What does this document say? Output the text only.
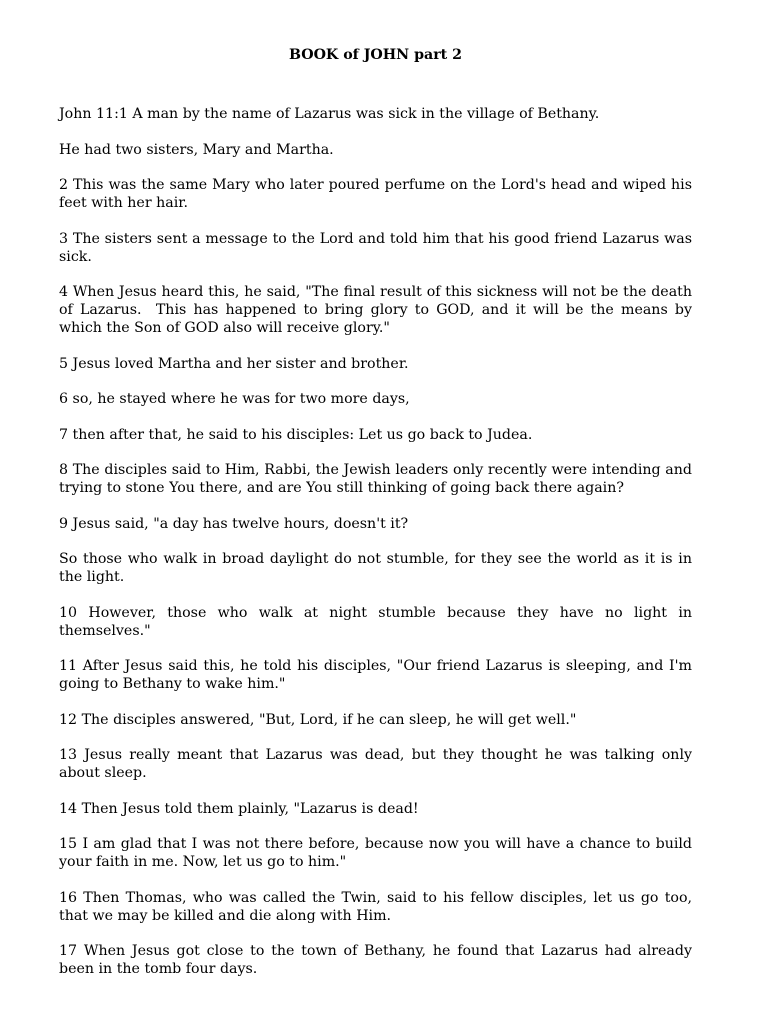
BOOK of JOHN part 2

John 11:1 A man by the name of Lazarus was sick in the village of Bethany.

He had two sisters, Mary and Martha.

2 This was the same Mary who later poured perfume on the Lord's head and wiped his feet with her hair.

3 The sisters sent a message to the Lord and told him that his good friend Lazarus was sick.

4 When Jesus heard this, he said, "The final result of this sickness will not be the death of Lazarus.  This has happened to bring glory to GOD, and it will be the means by which the Son of GOD also will receive glory."

5 Jesus loved Martha and her sister and brother.

6 so, he stayed where he was for two more days,

7 then after that, he said to his disciples: Let us go back to Judea.

8 The disciples said to Him, Rabbi, the Jewish leaders only recently were intending and trying to stone You there, and are You still thinking of going back there again?

9 Jesus said, "a day has twelve hours, doesn't it?

So those who walk in broad daylight do not stumble, for they see the world as it is in the light.

10 However, those who walk at night stumble because they have no light in themselves."

11 After Jesus said this, he told his disciples, "Our friend Lazarus is sleeping, and I'm going to Bethany to wake him."

12 The disciples answered, "But, Lord, if he can sleep, he will get well."

13 Jesus really meant that Lazarus was dead, but they thought he was talking only about sleep.

14 Then Jesus told them plainly, "Lazarus is dead!

15 I am glad that I was not there before, because now you will have a chance to build your faith in me. Now, let us go to him."

16 Then Thomas, who was called the Twin, said to his fellow disciples, let us go too, that we may be killed and die along with Him.

17 When Jesus got close to the town of Bethany, he found that Lazarus had already been in the tomb four days.
